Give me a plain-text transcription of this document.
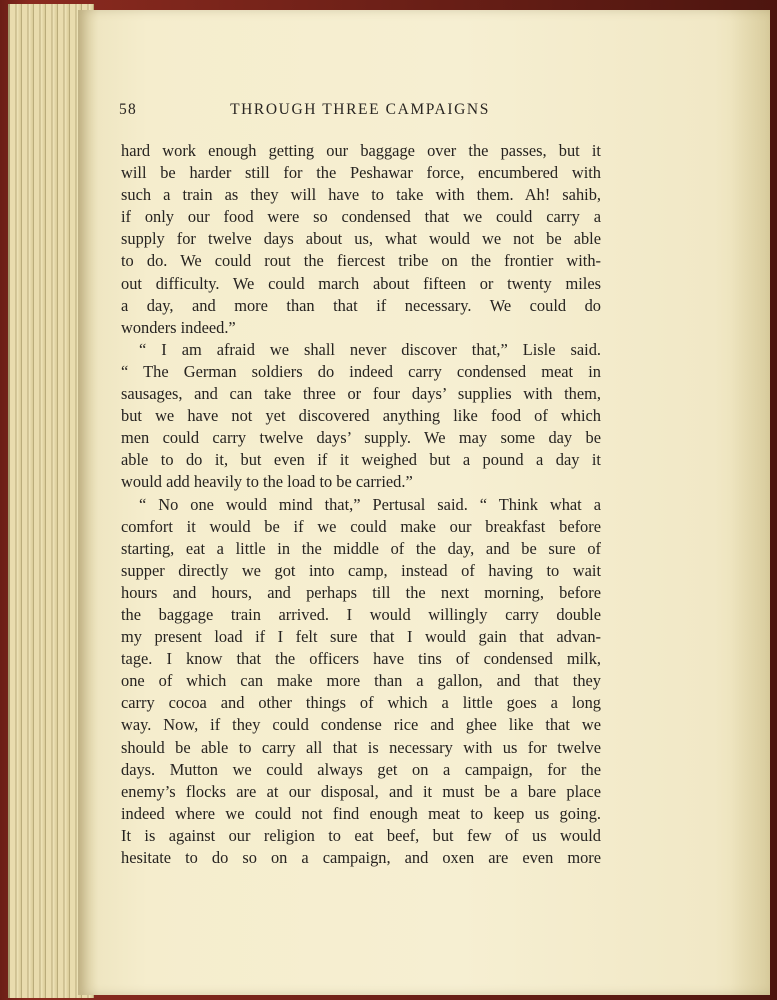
58	THROUGH THREE CAMPAIGNS
hard work enough getting our baggage over the passes, but it
will be harder still for the Peshawar force, encumbered with
such a train as they will have to take with them. Ah! sahib,
if only our food were so condensed that we could carry a
supply for twelve days about us, what would we not be able
to do. We could rout the fiercest tribe on the frontier with-
out difficulty. We could march about fifteen or twenty miles
a day, and more than that if necessary. We could do
wonders indeed.”
“ I am afraid we shall never discover that,” Lisle said.
“ The German soldiers do indeed carry condensed meat in
sausages, and can take three or four days’ supplies with them,
but we have not yet discovered anything like food of which
men could carry twelve days’ supply. We may some day be
able to do it, but even if it weighed but a pound a day it
would add heavily to the load to be carried.”
“ No one would mind that,” Pertusal said. “ Think what a
comfort it would be if we could make our breakfast before
starting, eat a little in the middle of the day, and be sure of
supper directly we got into camp, instead of having to wait
hours and hours, and perhaps till the next morning, before
the baggage train arrived. I would willingly carry double
my present load if I felt sure that I would gain that advan-
tage. I know that the officers have tins of condensed milk,
one of which can make more than a gallon, and that they
carry cocoa and other things of which a little goes a long
way. Now, if they could condense rice and ghee like that we
should be able to carry all that is necessary with us for twelve
days. Mutton we could always get on a campaign, for the
enemy’s flocks are at our disposal, and it must be a bare place
indeed where we could not find enough meat to keep us going.
It is against our religion to eat beef, but few of us would
hesitate to do so on a campaign, and oxen are even more
